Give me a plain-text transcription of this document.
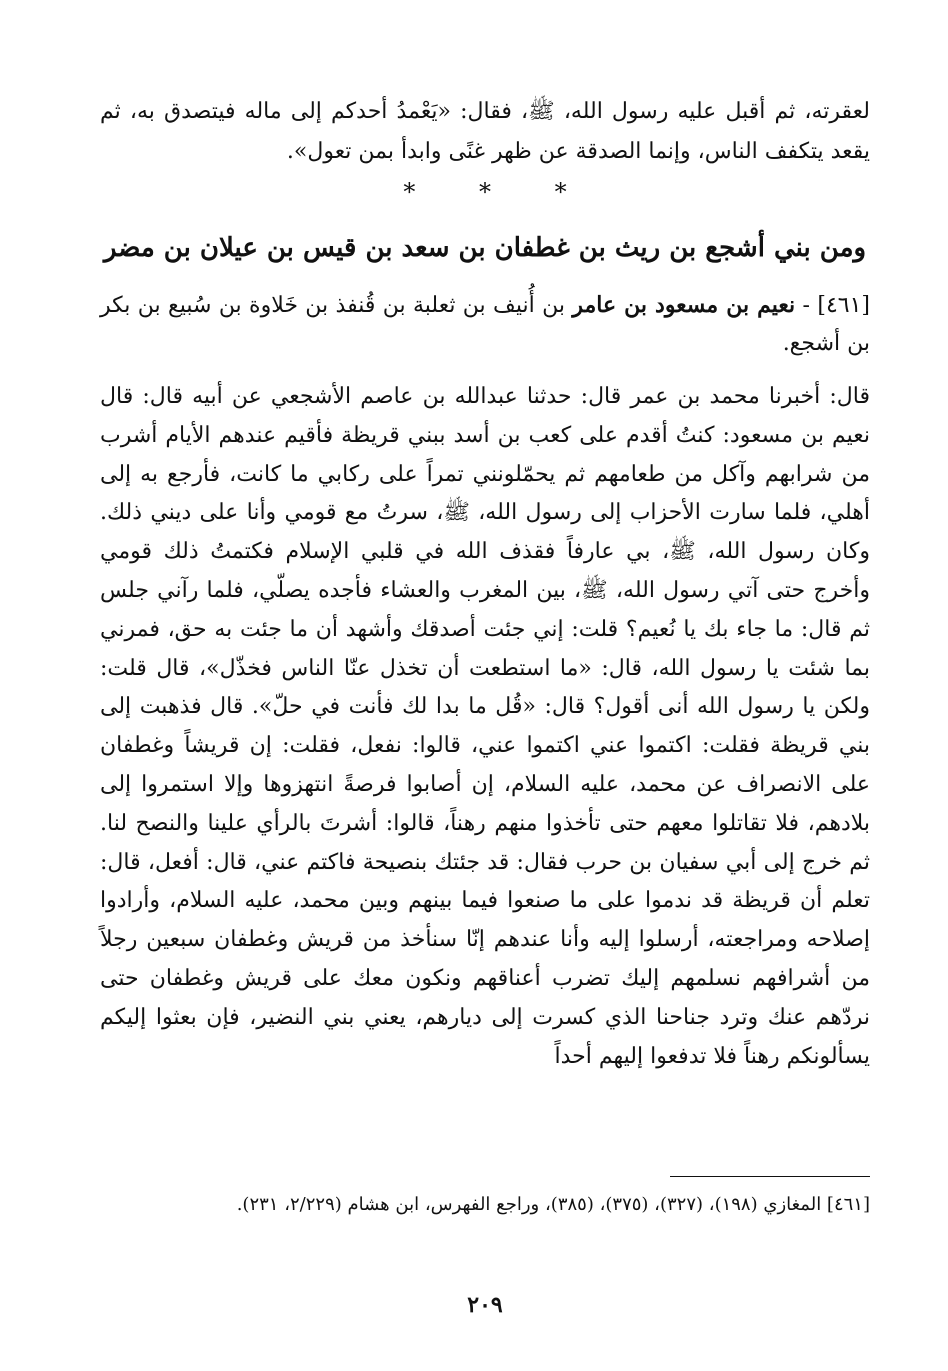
لعقرته، ثم أقبل عليه رسول الله، ﷺ، فقال: «يَعْمدُ أحدكم إلى ماله فيتصدق به، ثم يقعد يتكفف الناس، وإنما الصدقة عن ظهر غنًى وابدأ بمن تعول».

*	*	*
ومن بني أشجع بن ريث بن غطفان بن سعد بن قيس بن عيلان بن مضر

[٤٦١] - نعيم بن مسعود بن عامر بن أُنيف بن ثعلبة بن قُنفذ بن خَلاوة بن سُبيع بن بكر بن أشجع.

قال: أخبرنا محمد بن عمر قال: حدثنا عبدالله بن عاصم الأشجعي عن أبيه قال: قال نعيم بن مسعود: كنتُ أقدم على كعب بن أسد ببني قريظة فأقيم عندهم الأيام أشرب من شرابهم وآكل من طعامهم ثم يحمّلونني تمراً على ركابي ما كانت، فأرجع به إلى أهلي، فلما سارت الأحزاب إلى رسول الله، ﷺ، سرتُ مع قومي وأنا على ديني ذلك. وكان رسول الله، ﷺ، بي عارفاً فقذف الله في قلبي الإسلام فكتمتُ ذلك قومي وأخرج حتى آتي رسول الله، ﷺ، بين المغرب والعشاء فأجده يصلّي، فلما رآني جلس ثم قال: ما جاء بك يا نُعيم؟ قلت: إني جئت أصدقك وأشهد أن ما جئت به حق، فمرني بما شئت يا رسول الله، قال: «ما استطعت أن تخذل عنّا الناس فخذّل»، قال قلت: ولكن يا رسول الله أنى أقول؟ قال: «قُل ما بدا لك فأنت في حلّ». قال فذهبت إلى بني قريظة فقلت: اكتموا عني اكتموا عني، قالوا: نفعل، فقلت: إن قريشاً وغطفان على الانصراف عن محمد، عليه السلام، إن أصابوا فرصةً انتهزوها وإلا استمروا إلى بلادهم، فلا تقاتلوا معهم حتى تأخذوا منهم رهناً، قالوا: أشرتَ بالرأي علينا والنصح لنا. ثم خرج إلى أبي سفيان بن حرب فقال: قد جئتك بنصيحة فاكتم عني، قال: أفعل، قال: تعلم أن قريظة قد ندموا على ما صنعوا فيما بينهم وبين محمد، عليه السلام، وأرادوا إصلاحه ومراجعته، أرسلوا إليه وأنا عندهم إنّا سنأخذ من قريش وغطفان سبعين رجلاً من أشرافهم نسلمهم إليك تضرب أعناقهم ونكون معك على قريش وغطفان حتى نردّهم عنك وترد جناحنا الذي كسرت إلى ديارهم، يعني بني النضير، فإن بعثوا إليكم يسألونكم رهناً فلا تدفعوا إليهم أحداً

[٤٦١] المغازي (١٩٨)، (٣٢٧)، (٣٧٥)، (٣٨٥)، وراجع الفهرس، ابن هشام (٢/٢٢٩، ٢٣١).

٢٠٩
